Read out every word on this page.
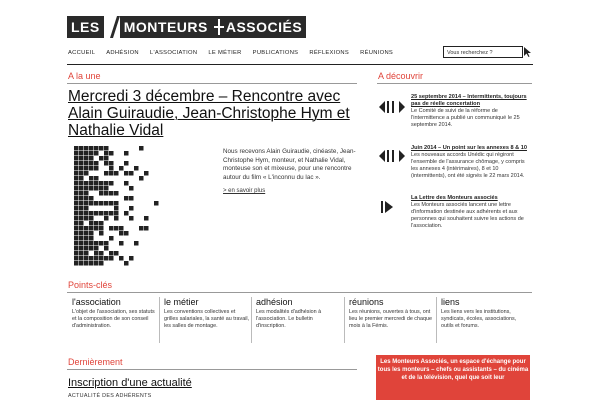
LES MONTEURS ASSOCIÉS
ACCUEIL ADHÉSION L'ASSOCIATION LE MÉTIER PUBLICATIONS RÉFLEXIONS RÉUNIONS	Vous recherchez ?
A la une
Mercredi 3 décembre – Rencontre avec Alain Guiraudie, Jean-Christophe Hym et Nathalie Vidal
Nous recevons Alain Guiraudie, cinéaste, Jean-Christophe Hym, monteur, et Nathalie Vidal, monteuse son et mixeuse, pour une rencontre autour du film « L'inconnu du lac ».
> en savoir plus
A découvrir
25 septembre 2014 – Intermittents, toujours pas de réelle concertation
Le Comité de suivi de la réforme de l'intermittence a publié un communiqué le 25 septembre 2014.
Juin 2014 – Un point sur les annexes 8 & 10
Les nouveaux accords Unédic qui régiront l'ensemble de l'assurance chômage, y compris les annexes 4 (intérimaires), 8 et 10 (intermittents), ont été signés le 22 mars 2014.
La Lettre des Monteurs associés
Les Monteurs associés lancent une lettre d'information destinée aux adhérents et aux personnes qui souhaitent suivre les actions de l'association.
Points-clés
l'association
L'objet de l'association, ses statuts et la composition de son conseil d'administration.
le métier
Les conventions collectives et grilles salariales, la santé au travail, les salles de montage.
adhésion
Les modalités d'adhésion à l'association. Le bulletin d'inscription.
réunions
Les réunions, ouvertes à tous, ont lieu le premier mercredi de chaque mois à la Fémis.
liens
Les liens vers les institutions, syndicats, écoles, associations, outils et forums.
Dernièrement
Inscription d'une actualité
ACTUALITÉ DES ADHÉRENTS
Les Monteurs Associés, un espace d'échange pour tous les monteurs – chefs ou assistants – du cinéma et de la télévision, quel que soit leur
